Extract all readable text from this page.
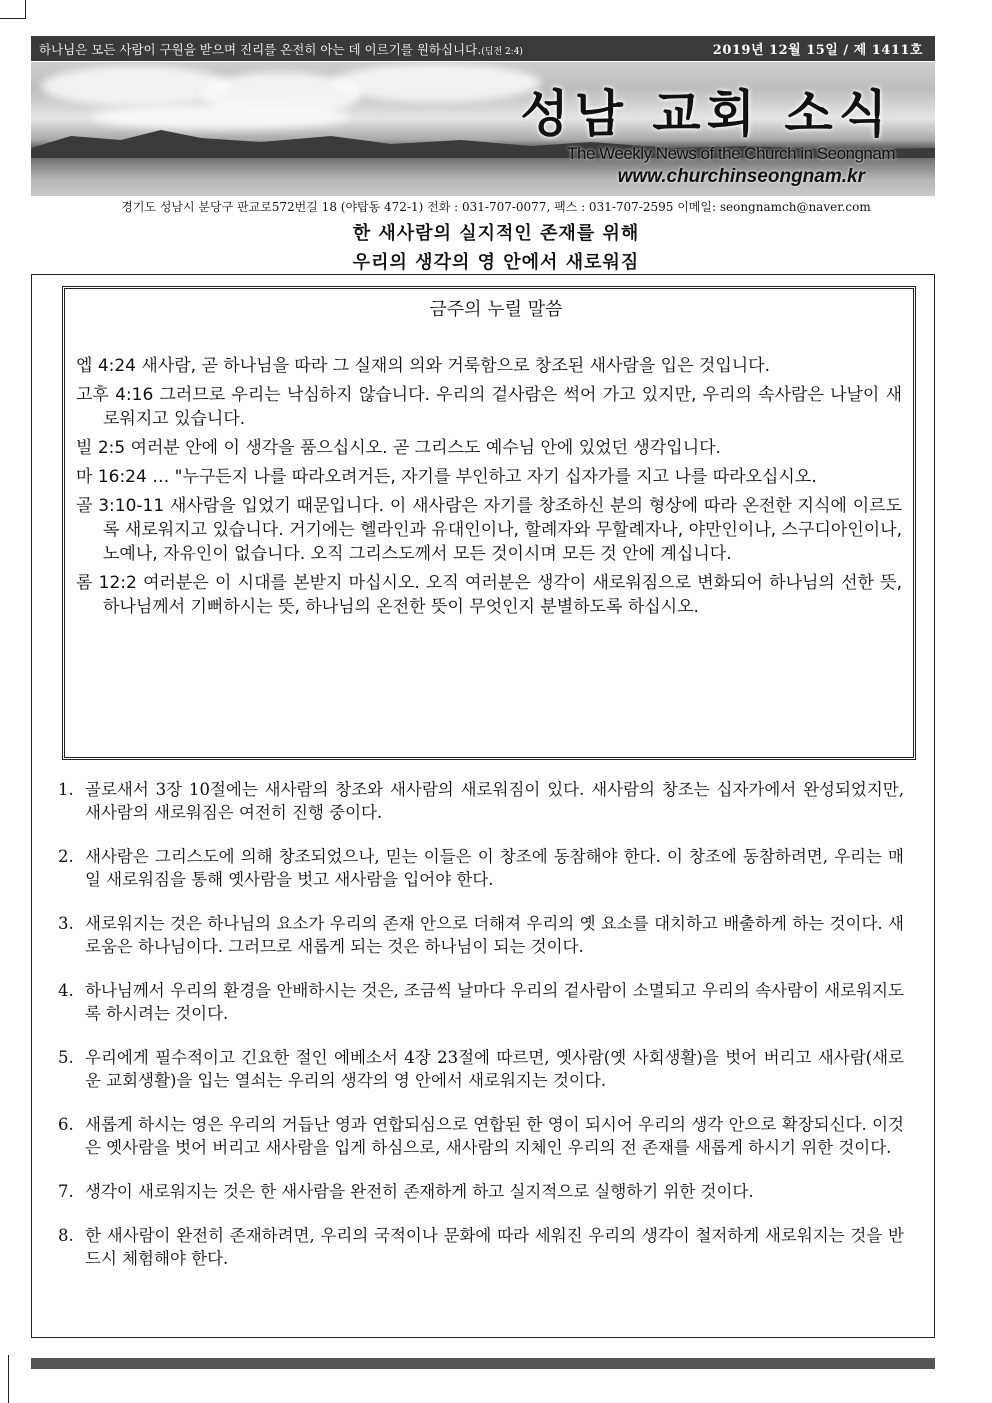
하나님은 모든 사람이 구원을 받으며 진리를 온전히 아는 데 이르기를 원하십니다.(딤전 2:4)	2019년 12월 15일 / 제 1411호
성남 교회 소식
The Weekly News of the Church in Seongnam
www.churchinseongnam.kr
경기도 성남시 분당구 판교로572번길 18 (야탑동 472-1) 전화 : 031-707-0077, 팩스 : 031-707-2595 이메일: seongnamch@naver.com
한 새사람의 실지적인 존재를 위해
우리의 생각의 영 안에서 새로워짐
금주의 누릴 말씀
엡 4:24 새사람, 곧 하나님을 따라 그 실재의 의와 거룩함으로 창조된 새사람을 입은 것입니다.
고후 4:16 그러므로 우리는 낙심하지 않습니다. 우리의 겉사람은 썩어 가고 있지만, 우리의 속사람은 나날이 새로워지고 있습니다.
빌 2:5 여러분 안에 이 생각을 품으십시오. 곧 그리스도 예수님 안에 있었던 생각입니다.
마 16:24 … "누구든지 나를 따라오려거든, 자기를 부인하고 자기 십자가를 지고 나를 따라오십시오.
골 3:10-11 새사람을 입었기 때문입니다. 이 새사람은 자기를 창조하신 분의 형상에 따라 온전한 지식에 이르도록 새로워지고 있습니다. 거기에는 헬라인과 유대인이나, 할례자와 무할례자나, 야만인이나, 스구디아인이나, 노예나, 자유인이 없습니다. 오직 그리스도께서 모든 것이시며 모든 것 안에 계십니다.
롬 12:2 여러분은 이 시대를 본받지 마십시오. 오직 여러분은 생각이 새로워짐으로 변화되어 하나님의 선한 뜻, 하나님께서 기뻐하시는 뜻, 하나님의 온전한 뜻이 무엇인지 분별하도록 하십시오.
1. 골로새서 3장 10절에는 새사람의 창조와 새사람의 새로워짐이 있다. 새사람의 창조는 십자가에서 완성되었지만, 새사람의 새로워짐은 여전히 진행 중이다.
2. 새사람은 그리스도에 의해 창조되었으나, 믿는 이들은 이 창조에 동참해야 한다. 이 창조에 동참하려면, 우리는 매일 새로워짐을 통해 옛사람을 벗고 새사람을 입어야 한다.
3. 새로워지는 것은 하나님의 요소가 우리의 존재 안으로 더해져 우리의 옛 요소를 대치하고 배출하게 하는 것이다. 새로움은 하나님이다. 그러므로 새롭게 되는 것은 하나님이 되는 것이다.
4. 하나님께서 우리의 환경을 안배하시는 것은, 조금씩 날마다 우리의 겉사람이 소멸되고 우리의 속사람이 새로워지도록 하시려는 것이다.
5. 우리에게 필수적이고 긴요한 절인 에베소서 4장 23절에 따르면, 옛사람(옛 사회생활)을 벗어 버리고 새사람(새로운 교회생활)을 입는 열쇠는 우리의 생각의 영 안에서 새로워지는 것이다.
6. 새롭게 하시는 영은 우리의 거듭난 영과 연합되심으로 연합된 한 영이 되시어 우리의 생각 안으로 확장되신다. 이것은 옛사람을 벗어 버리고 새사람을 입게 하심으로, 새사람의 지체인 우리의 전 존재를 새롭게 하시기 위한 것이다.
7. 생각이 새로워지는 것은 한 새사람을 완전히 존재하게 하고 실지적으로 실행하기 위한 것이다.
8. 한 새사람이 완전히 존재하려면, 우리의 국적이나 문화에 따라 세워진 우리의 생각이 철저하게 새로워지는 것을 반드시 체험해야 한다.
